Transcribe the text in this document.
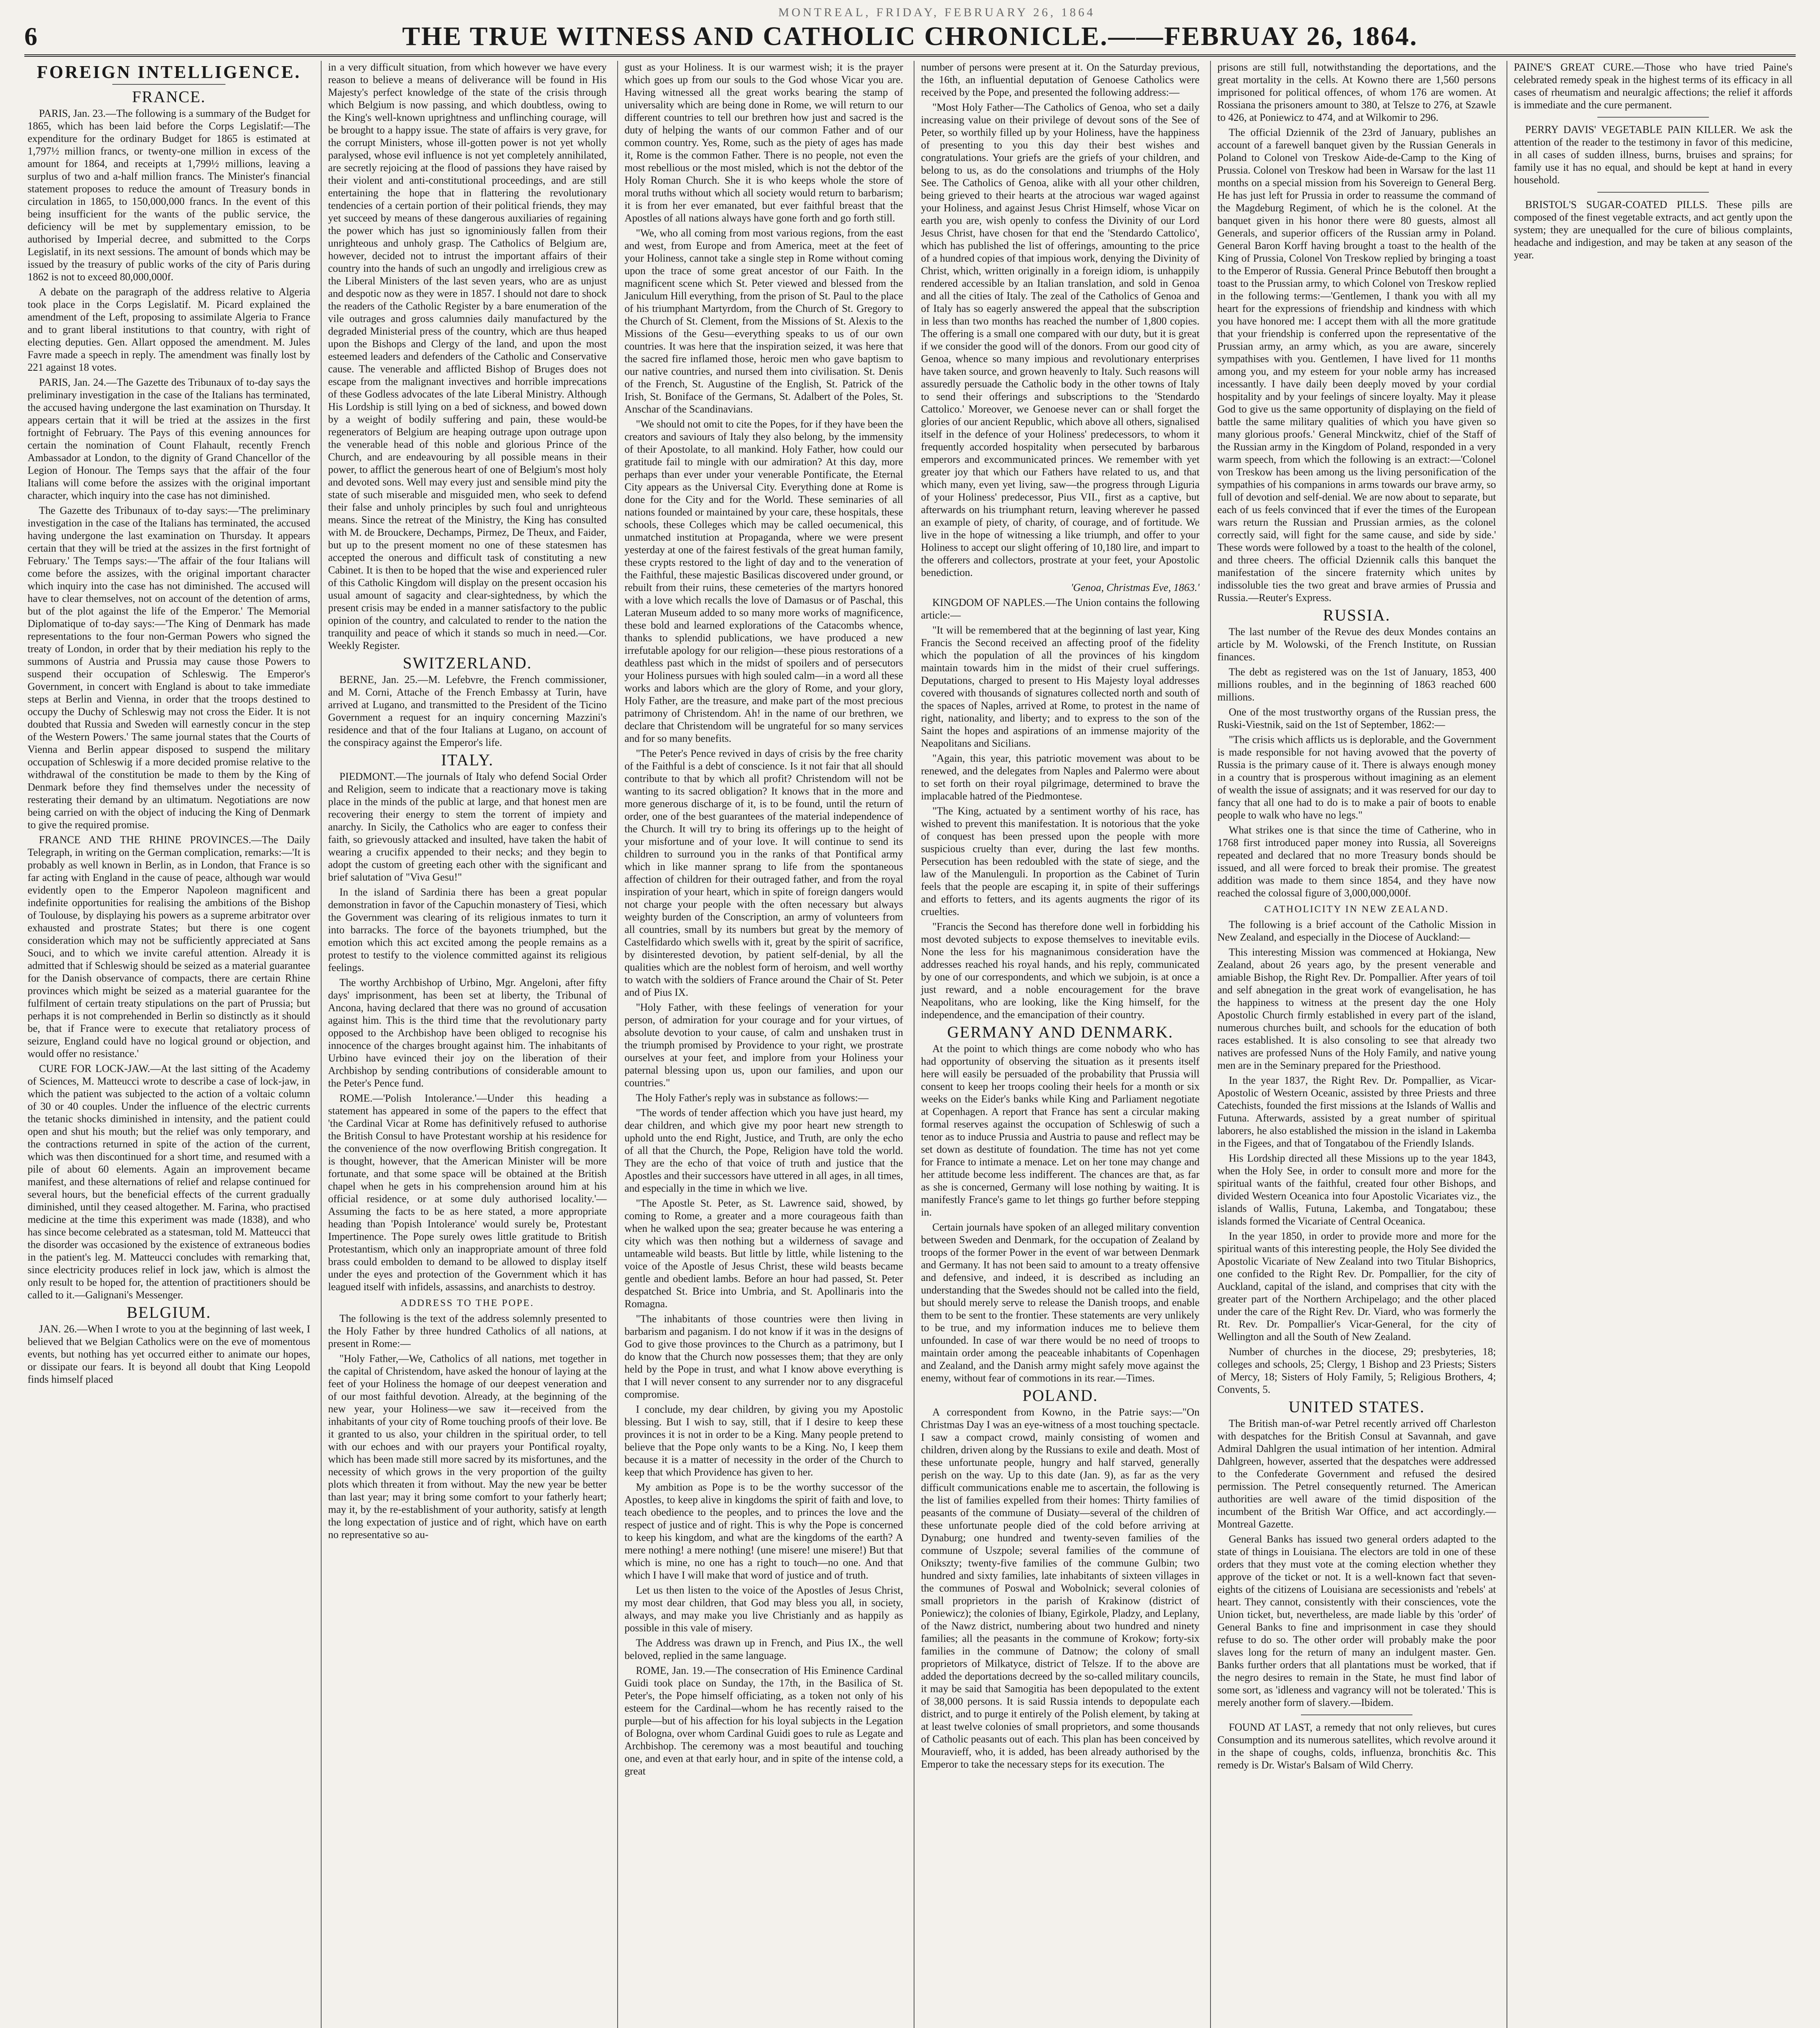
MONTREAL, FRIDAY, FEBRUARY 26, 1864
6	THE TRUE WITNESS AND CATHOLIC CHRONICLE.——FEBRUAY 26, 1864.
FOREIGN INTELLIGENCE.
FRANCE.

PARIS, Jan. 23.—The following is a summary of the Budget for 1865, which has been laid before the Corps Legislatif:—The expenditure for the ordinary Budget for 1865 is estimated at 1,797½ million francs, or twenty-one million in excess of the amount for 1864, and receipts at 1,799½ millions, leaving a surplus of two and a-half million francs. The Minister's financial statement proposes to reduce the amount of Treasury bonds in circulation in 1865, to 150,000,000 francs. In the event of this being insufficient for the wants of the public service, the deficiency will be met by supplementary emission, to be authorised by Imperial decree, and submitted to the Corps Legislatif, in its next sessions. The amount of bonds which may be issued by the treasury of public works of the city of Paris during 1862 is not to exceed 80,000,000f.

A debate on the paragraph of the address relative to Algeria took place in the Corps Legislatif. M. Picard explained the amendment of the Left, proposing to assimilate Algeria to France and to grant liberal institutions to that country, with right of electing deputies. Gen. Allart opposed the amendment. M. Jules Favre made a speech in reply. The amendment was finally lost by 221 against 18 votes.

PARIS, Jan. 24.—The Gazette des Tribunaux of to-day says the preliminary investigation in the case of the Italians has terminated, the accused having undergone the last examination on Thursday. It appears certain that it will be tried at the assizes in the first fortnight of February. The Pays of this evening announces for certain the nomination of Count Flahault, recently French Ambassador at London, to the dignity of Grand Chancellor of the Legion of Honour. The Temps says that the affair of the four Italians will come before the assizes with the original important character, which inquiry into the case has not diminished.

The Gazette des Tribunaux of to-day says:—'The preliminary investigation in the case of the Italians has terminated, the accused having undergone the last examination on Thursday. It appears certain that they will be tried at the assizes in the first fortnight of February.' The Temps says:—'The affair of the four Italians will come before the assizes, with the original important character which inquiry into the case has not diminished. The accused will have to clear themselves, not on account of the detention of arms, but of the plot against the life of the Emperor.' The Memorial Diplomatique of to-day says:—'The King of Denmark has made representations to the four non-German Powers who signed the treaty of London, in order that by their mediation his reply to the summons of Austria and Prussia may cause those Powers to suspend their occupation of Schleswig. The Emperor's Government, in concert with England is about to take immediate steps at Berlin and Vienna, in order that the troops destined to occupy the Duchy of Schleswig may not cross the Eider. It is not doubted that Russia and Sweden will earnestly concur in the step of the Western Powers.' The same journal states that the Courts of Vienna and Berlin appear disposed to suspend the military occupation of Schleswig if a more decided promise relative to the withdrawal of the constitution be made to them by the King of Denmark before they find themselves under the necessity of resterating their demand by an ultimatum. Negotiations are now being carried on with the object of inducing the King of Denmark to give the required promise.

FRANCE AND THE RHINE PROVINCES.—The Daily Telegraph, in writing on the German complication, remarks:—'It is probably as well known in Berlin, as in London, that France is so far acting with England in the cause of peace, although war would evidently open to the Emperor Napoleon magnificent and indefinite opportunities for realising the ambitions of the Bishop of Toulouse, by displaying his powers as a supreme arbitrator over exhausted and prostrate States; but there is one cogent consideration which may not be sufficiently appreciated at Sans Souci, and to which we invite careful attention. Already it is admitted that if Schleswig should be seized as a material guarantee for the Danish observance of compacts, there are certain Rhine provinces which might be seized as a material guarantee for the fulfilment of certain treaty stipulations on the part of Prussia; but perhaps it is not comprehended in Berlin so distinctly as it should be, that if France were to execute that retaliatory process of seizure, England could have no logical ground or objection, and would offer no resistance.'

CURE FOR LOCK-JAW.—At the last sitting of the Academy of Sciences, M. Matteucci wrote to describe a case of lock-jaw, in which the patient was subjected to the action of a voltaic column of 30 or 40 couples. Under the influence of the electric currents the tetanic shocks diminished in intensity, and the patient could open and shut his mouth; but the relief was only temporary, and the contractions returned in spite of the action of the current, which was then discontinued for a short time, and resumed with a pile of about 60 elements. Again an improvement became manifest, and these alternations of relief and relapse continued for several hours, but the beneficial effects of the current gradually diminished, until they ceased altogether. M. Farina, who practised medicine at the time this experiment was made (1838), and who has since become celebrated as a statesman, told M. Matteucci that the disorder was occasioned by the existence of extraneous bodies in the patient's leg. M. Matteucci concludes with remarking that, since electricity produces relief in lock jaw, which is almost the only result to be hoped for, the attention of practitioners should be called to it.—Galignani's Messenger.

BELGIUM.

JAN. 26.—When I wrote to you at the beginning of last week, I believed that we Belgian Catholics were on the eve of momentous events, but nothing has yet occurred either to animate our hopes, or dissipate our fears. It is beyond all doubt that King Leopold finds himself placed

in a very difficult situation, from which however we have every reason to believe a means of deliverance will be found in His Majesty's perfect knowledge of the state of the crisis through which Belgium is now passing, and which doubtless, owing to the King's well-known uprightness and unflinching courage, will be brought to a happy issue. The state of affairs is very grave, for the corrupt Ministers, whose ill-gotten power is not yet wholly paralysed, whose evil influence is not yet completely annihilated, are secretly rejoicing at the flood of passions they have raised by their violent and anti-constitutional proceedings, and are still entertaining the hope that in flattering the revolutionary tendencies of a certain portion of their political friends, they may yet succeed by means of these dangerous auxiliaries of regaining the power which has just so ignominiously fallen from their unrighteous and unholy grasp. The Catholics of Belgium are, however, decided not to intrust the important affairs of their country into the hands of such an ungodly and irreligious crew as the Liberal Ministers of the last seven years, who are as unjust and despotic now as they were in 1857. I should not dare to shock the readers of the Catholic Register by a bare enumeration of the vile outrages and gross calumnies daily manufactured by the degraded Ministerial press of the country, which are thus heaped upon the Bishops and Clergy of the land, and upon the most esteemed leaders and defenders of the Catholic and Conservative cause. The venerable and afflicted Bishop of Bruges does not escape from the malignant invectives and horrible imprecations of these Godless advocates of the late Liberal Ministry. Although His Lordship is still lying on a bed of sickness, and bowed down by a weight of bodily suffering and pain, these would-be regenerators of Belgium are heaping outrage upon outrage upon the venerable head of this noble and glorious Prince of the Church, and are endeavouring by all possible means in their power, to afflict the generous heart of one of Belgium's most holy and devoted sons. Well may every just and sensible mind pity the state of such miserable and misguided men, who seek to defend their false and unholy principles by such foul and unrighteous means. Since the retreat of the Ministry, the King has consulted with M. de Brouckere, Dechamps, Pirmez, De Theux, and Faider, but up to the present moment no one of these statesmen has accepted the onerous and difficult task of constituting a new Cabinet. It is then to be hoped that the wise and experienced ruler of this Catholic Kingdom will display on the present occasion his usual amount of sagacity and clear-sightedness, by which the present crisis may be ended in a manner satisfactory to the public opinion of the country, and calculated to render to the nation the tranquility and peace of which it stands so much in need.—Cor. Weekly Register.

SWITZERLAND.

BERNE, Jan. 25.—M. Lefebvre, the French commissioner, and M. Corni, Attache of the French Embassy at Turin, have arrived at Lugano, and transmitted to the President of the Ticino Government a request for an inquiry concerning Mazzini's residence and that of the four Italians at Lugano, on account of the conspiracy against the Emperor's life.

ITALY.

PIEDMONT.—The journals of Italy who defend Social Order and Religion, seem to indicate that a reactionary move is taking place in the minds of the public at large, and that honest men are recovering their energy to stem the torrent of impiety and anarchy. In Sicily, the Catholics who are eager to confess their faith, so grievously attacked and insulted, have taken the habit of wearing a crucifix appended to their necks; and they begin to adopt the custom of greeting each other with the significant and brief salutation of "Viva Gesu!"

In the island of Sardinia there has been a great popular demonstration in favor of the Capuchin monastery of Tiesi, which the Government was clearing of its religious inmates to turn it into barracks. The force of the bayonets triumphed, but the emotion which this act excited among the people remains as a protest to testify to the violence committed against its religious feelings.

The worthy Archbishop of Urbino, Mgr. Angeloni, after fifty days' imprisonment, has been set at liberty, the Tribunal of Ancona, having declared that there was no ground of accusation against him. This is the third time that the revolutionary party opposed to the Archbishop have been obliged to recognise his innocence of the charges brought against him. The inhabitants of Urbino have evinced their joy on the liberation of their Archbishop by sending contributions of considerable amount to the Peter's Pence fund.

ROME.—'Polish Intolerance.'—Under this heading a statement has appeared in some of the papers to the effect that 'the Cardinal Vicar at Rome has definitively refused to authorise the British Consul to have Protestant worship at his residence for the convenience of the now overflowing British congregation. It is thought, however, that the American Minister will be more fortunate, and that some space will be obtained at the British chapel when he gets in his comprehension around him at his official residence, or at some duly authorised locality.'—Assuming the facts to be as here stated, a more appropriate heading than 'Popish Intolerance' would surely be, Protestant Impertinence. The Pope surely owes little gratitude to British Protestantism, which only an inappropriate amount of three fold brass could embolden to demand to be allowed to display itself under the eyes and protection of the Government which it has leagued itself with infidels, assassins, and anarchists to destroy.

ADDRESS TO THE POPE.

The following is the text of the address solemnly presented to the Holy Father by three hundred Catholics of all nations, at present in Rome:—

"Holy Father,—We, Catholics of all nations, met together in the capital of Christendom, have asked the honour of laying at the feet of your Holiness the homage of our deepest veneration and of our most faithful devotion. Already, at the beginning of the new year, your Holiness—we saw it—received from the inhabitants of your city of Rome touching proofs of their love. Be it granted to us also, your children in the spiritual order, to tell with our echoes and with our prayers your Pontifical royalty, which has been made still more sacred by its misfortunes, and the necessity of which grows in the very proportion of the guilty plots which threaten it from without. May the new year be better than last year; may it bring some comfort to your fatherly heart; may it, by the re-establishment of your authority, satisfy at length the long expectation of justice and of right, which have on earth no representative so au-

gust as your Holiness. It is our warmest wish; it is the prayer which goes up from our souls to the God whose Vicar you are. Having witnessed all the great works bearing the stamp of universality which are being done in Rome, we will return to our different countries to tell our brethren how just and sacred is the duty of helping the wants of our common Father and of our common country. Yes, Rome, such as the piety of ages has made it, Rome is the common Father. There is no people, not even the most rebellious or the most misled, which is not the debtor of the Holy Roman Church. She it is who keeps whole the store of moral truths without which all society would return to barbarism; it is from her ever emanated, but ever faithful breast that the Apostles of all nations always have gone forth and go forth still.

"We, who all coming from most various regions, from the east and west, from Europe and from America, meet at the feet of your Holiness, cannot take a single step in Rome without coming upon the trace of some great ancestor of our Faith. In the magnificent scene which St. Peter viewed and blessed from the Janiculum Hill everything, from the prison of St. Paul to the place of his triumphant Martyrdom, from the Church of St. Gregory to the Church of St. Clement, from the Missions of St. Alexis to the Missions of the Gesu—everything speaks to us of our own countries. It was here that the inspiration seized, it was here that the sacred fire inflamed those, heroic men who gave baptism to our native countries, and nursed them into civilisation. St. Denis of the French, St. Augustine of the English, St. Patrick of the Irish, St. Boniface of the Germans, St. Adalbert of the Poles, St. Anschar of the Scandinavians.

"We should not omit to cite the Popes, for if they have been the creators and saviours of Italy they also belong, by the immensity of their Apostolate, to all mankind. Holy Father, how could our gratitude fail to mingle with our admiration? At this day, more perhaps than ever under your venerable Pontificate, the Eternal City appears as the Universal City. Everything done at Rome is done for the City and for the World. These seminaries of all nations founded or maintained by your care, these hospitals, these schools, these Colleges which may be called oecumenical, this unmatched institution at Propaganda, where we were present yesterday at one of the fairest festivals of the great human family, these crypts restored to the light of day and to the veneration of the Faithful, these majestic Basilicas discovered under ground, or rebuilt from their ruins, these cemeteries of the martyrs honored with a love which recalls the love of Damasus or of Paschal, this Lateran Museum added to so many more works of magnificence, these bold and learned explorations of the Catacombs whence, thanks to splendid publications, we have produced a new irrefutable apology for our religion—these pious restorations of a deathless past which in the midst of spoilers and of persecutors your Holiness pursues with high souled calm—in a word all these works and labors which are the glory of Rome, and your glory, Holy Father, are the treasure, and make part of the most precious patrimony of Christendom. Ah! in the name of our brethren, we declare that Christendom will be ungrateful for so many services and for so many benefits.

"The Peter's Pence revived in days of crisis by the free charity of the Faithful is a debt of conscience. Is it not fair that all should contribute to that by which all profit? Christendom will not be wanting to its sacred obligation? It knows that in the more and more generous discharge of it, is to be found, until the return of order, one of the best guarantees of the material independence of the Church. It will try to bring its offerings up to the height of your misfortune and of your love. It will continue to send its children to surround you in the ranks of that Pontifical army which in like manner sprang to life from the spontaneous affection of children for their outraged father, and from the royal inspiration of your heart, which in spite of foreign dangers would not charge your people with the often necessary but always weighty burden of the Conscription, an army of volunteers from all countries, small by its numbers but great by the memory of Castelfidardo which swells with it, great by the spirit of sacrifice, by disinterested devotion, by patient self-denial, by all the qualities which are the noblest form of heroism, and well worthy to watch with the soldiers of France around the Chair of St. Peter and of Pius IX.

"Holy Father, with these feelings of veneration for your person, of admiration for your courage and for your virtues, of absolute devotion to your cause, of calm and unshaken trust in the triumph promised by Providence to your right, we prostrate ourselves at your feet, and implore from your Holiness your paternal blessing upon us, upon our families, and upon our countries."

The Holy Father's reply was in substance as follows:—

"The words of tender affection which you have just heard, my dear children, and which give my poor heart new strength to uphold unto the end Right, Justice, and Truth, are only the echo of all that the Church, the Pope, Religion have told the world. They are the echo of that voice of truth and justice that the Apostles and their successors have uttered in all ages, in all times, and especially in the time in which we live.

"The Apostle St. Peter, as St. Lawrence said, showed, by coming to Rome, a greater and a more courageous faith than when he walked upon the sea; greater because he was entering a city which was then nothing but a wilderness of savage and untameable wild beasts. But little by little, while listening to the voice of the Apostle of Jesus Christ, these wild beasts became gentle and obedient lambs. Before an hour had passed, St. Peter despatched St. Brice into Umbria, and St. Apollinaris into the Romagna.

"The inhabitants of those countries were then living in barbarism and paganism. I do not know if it was in the designs of God to give those provinces to the Church as a patrimony, but I do know that the Church now possesses them; that they are only held by the Pope in trust, and what I know above everything is that I will never consent to any surrender nor to any disgraceful compromise.

I conclude, my dear children, by giving you my Apostolic blessing. But I wish to say, still, that if I desire to keep these provinces it is not in order to be a King. Many people pretend to believe that the Pope only wants to be a King. No, I keep them because it is a matter of necessity in the order of the Church to keep that which Providence has given to her.

My ambition as Pope is to be the worthy successor of the Apostles, to keep alive in kingdoms the spirit of faith and love, to teach obedience to the peoples, and to princes the love and the respect of justice and of right. This is why the Pope is concerned to keep his kingdom, and what are the kingdoms of the earth? A mere nothing! a mere nothing! (une misere! une misere!) But that which is mine, no one has a right to touch—no one. And that which I have I will make that word of justice and of truth.

Let us then listen to the voice of the Apostles of Jesus Christ, my most dear children, that God may bless you all, in society, always, and may make you live Christianly and as happily as possible in this vale of misery.

The Address was drawn up in French, and Pius IX., the well beloved, replied in the same language.

ROME, Jan. 19.—The consecration of His Eminence Cardinal Guidi took place on Sunday, the 17th, in the Basilica of St. Peter's, the Pope himself officiating, as a token not only of his esteem for the Cardinal—whom he has recently raised to the purple—but of his affection for his loyal subjects in the Legation of Bologna, over whom Cardinal Guidi goes to rule as Legate and Archbishop. The ceremony was a most beautiful and touching one, and even at that early hour, and in spite of the intense cold, a great

number of persons were present at it. On the Saturday previous, the 16th, an influential deputation of Genoese Catholics were received by the Pope, and presented the following address:—

"Most Holy Father—The Catholics of Genoa, who set a daily increasing value on their privilege of devout sons of the See of Peter, so worthily filled up by your Holiness, have the happiness of presenting to you this day their best wishes and congratulations. Your griefs are the griefs of your children, and belong to us, as do the consolations and triumphs of the Holy See. The Catholics of Genoa, alike with all your other children, being grieved to their hearts at the atrocious war waged against your Holiness, and against Jesus Christ Himself, whose Vicar on earth you are, wish openly to confess the Divinity of our Lord Jesus Christ, have chosen for that end the 'Stendardo Cattolico', which has published the list of offerings, amounting to the price of a hundred copies of that impious work, denying the Divinity of Christ, which, written originally in a foreign idiom, is unhappily rendered accessible by an Italian translation, and sold in Genoa and all the cities of Italy. The zeal of the Catholics of Genoa and of Italy has so eagerly answered the appeal that the subscription in less than two months has reached the number of 1,800 copies. The offering is a small one compared with our duty, but it is great if we consider the good will of the donors. From our good city of Genoa, whence so many impious and revolutionary enterprises have taken source, and grown heavenly to Italy. Such reasons will assuredly persuade the Catholic body in the other towns of Italy to send their offerings and subscriptions to the 'Stendardo Cattolico.' Moreover, we Genoese never can or shall forget the glories of our ancient Republic, which above all others, signalised itself in the defence of your Holiness' predecessors, to whom it frequently accorded hospitality when persecuted by barbarous emperors and excommunicated princes. We remember with yet greater joy that which our Fathers have related to us, and that which many, even yet living, saw—the progress through Liguria of your Holiness' predecessor, Pius VII., first as a captive, but afterwards on his triumphant return, leaving wherever he passed an example of piety, of charity, of courage, and of fortitude. We live in the hope of witnessing a like triumph, and offer to your Holiness to accept our slight offering of 10,180 lire, and impart to the offerers and collectors, prostrate at your feet, your Apostolic benediction.

'Genoa, Christmas Eve, 1863.'

KINGDOM OF NAPLES.—The Union contains the following article:—

"It will be remembered that at the beginning of last year, King Francis the Second received an affecting proof of the fidelity which the population of all the provinces of his kingdom maintain towards him in the midst of their cruel sufferings. Deputations, charged to present to His Majesty loyal addresses covered with thousands of signatures collected north and south of the spaces of Naples, arrived at Rome, to protest in the name of right, nationality, and liberty; and to express to the son of the Saint the hopes and aspirations of an immense majority of the Neapolitans and Sicilians.

"Again, this year, this patriotic movement was about to be renewed, and the delegates from Naples and Palermo were about to set forth on their royal pilgrimage, determined to brave the implacable hatred of the Piedmontese.

"The King, actuated by a sentiment worthy of his race, has wished to prevent this manifestation. It is notorious that the yoke of conquest has been pressed upon the people with more suspicious cruelty than ever, during the last few months. Persecution has been redoubled with the state of siege, and the law of the Manulenguli. In proportion as the Cabinet of Turin feels that the people are escaping it, in spite of their sufferings and efforts to fetters, and its agents augments the rigor of its cruelties.

"Francis the Second has therefore done well in forbidding his most devoted subjects to expose themselves to inevitable evils. None the less for his magnanimous consideration have the addresses reached his royal hands, and his reply, communicated by one of our correspondents, and which we subjoin, is at once a just reward, and a noble encouragement for the brave Neapolitans, who are looking, like the King himself, for the independence, and the emancipation of their country.

GERMANY AND DENMARK.

At the point to which things are come nobody who who has had opportunity of observing the situation as it presents itself here will easily be persuaded of the probability that Prussia will consent to keep her troops cooling their heels for a month or six weeks on the Eider's banks while King and Parliament negotiate at Copenhagen. A report that France has sent a circular making formal reserves against the occupation of Schleswig of such a tenor as to induce Prussia and Austria to pause and reflect may be set down as destitute of foundation. The time has not yet come for France to intimate a menace. Let on her tone may change and her attitude become less indifferent. The chances are that, as far as she is concerned, Germany will lose nothing by waiting. It is manifestly France's game to let things go further before stepping in.

Certain journals have spoken of an alleged military convention between Sweden and Denmark, for the occupation of Zealand by troops of the former Power in the event of war between Denmark and Germany. It has not been said to amount to a treaty offensive and defensive, and indeed, it is described as including an understanding that the Swedes should not be called into the field, but should merely serve to release the Danish troops, and enable them to be sent to the frontier. These statements are very unlikely to be true, and my information induces me to believe them unfounded. In case of war there would be no need of troops to maintain order among the peaceable inhabitants of Copenhagen and Zealand, and the Danish army might safely move against the enemy, without fear of commotions in its rear.—Times.

POLAND.

A correspondent from Kowno, in the Patrie says:—"On Christmas Day I was an eye-witness of a most touching spectacle. I saw a compact crowd, mainly consisting of women and children, driven along by the Russians to exile and death. Most of these unfortunate people, hungry and half starved, generally perish on the way. Up to this date (Jan. 9), as far as the very difficult communications enable me to ascertain, the following is the list of families expelled from their homes: Thirty families of peasants of the commune of Dusiaty—several of the children of these unfortunate people died of the cold before arriving at Dynaburg; one hundred and twenty-seven families of the commune of Uszpole; several families of the commune of Onikszty; twenty-five families of the commune Gulbin; two hundred and sixty families, late inhabitants of sixteen villages in the communes of Poswal and Wobolnick; several colonies of small proprietors in the parish of Krakinow (district of Poniewicz); the colonies of Ibiany, Egirkole, Pladzy, and Leplany, of the Nawz district, numbering about two hundred and ninety families; all the peasants in the commune of Krokow; forty-six families in the commune of Datnow; the colony of small proprietors of Milkatyce, district of Telsze. If to the above are added the deportations decreed by the so-called military councils, it may be said that Samogitia has been depopulated to the extent of 38,000 persons. It is said Russia intends to depopulate each district, and to purge it entirely of the Polish element, by taking at at least twelve colonies of small proprietors, and some thousands of Catholic peasants out of each. This plan has been conceived by Mouravieff, who, it is added, has been already authorised by the Emperor to take the necessary steps for its execution. The

prisons are still full, notwithstanding the deportations, and the great mortality in the cells. At Kowno there are 1,560 persons imprisoned for political offences, of whom 176 are women. At Rossiana the prisoners amount to 380, at Telsze to 276, at Szawle to 426, at Poniewicz to 474, and at Wilkomir to 296.

The official Dziennik of the 23rd of January, publishes an account of a farewell banquet given by the Russian Generals in Poland to Colonel von Treskow Aide-de-Camp to the King of Prussia. Colonel von Treskow had been in Warsaw for the last 11 months on a special mission from his Sovereign to General Berg. He has just left for Prussia in order to reassume the command of the Magdeburg Regiment, of which he is the colonel. At the banquet given in his honor there were 80 guests, almost all Generals, and superior officers of the Russian army in Poland. General Baron Korff having brought a toast to the health of the King of Prussia, Colonel Von Treskow replied by bringing a toast to the Emperor of Russia. General Prince Bebutoff then brought a toast to the Prussian army, to which Colonel von Treskow replied in the following terms:—'Gentlemen, I thank you with all my heart for the expressions of friendship and kindness with which you have honored me: I accept them with all the more gratitude that your friendship is conferred upon the representative of the Prussian army, an army which, as you are aware, sincerely sympathises with you. Gentlemen, I have lived for 11 months among you, and my esteem for your noble army has increased incessantly. I have daily been deeply moved by your cordial hospitality and by your feelings of sincere loyalty. May it please God to give us the same opportunity of displaying on the field of battle the same military qualities of which you have given so many glorious proofs.' General Minckwitz, chief of the Staff of the Russian army in the Kingdom of Poland, responded in a very warm speech, from which the following is an extract:—'Colonel von Treskow has been among us the living personification of the sympathies of his companions in arms towards our brave army, so full of devotion and self-denial. We are now about to separate, but each of us feels convinced that if ever the times of the European wars return the Russian and Prussian armies, as the colonel correctly said, will fight for the same cause, and side by side.' These words were followed by a toast to the health of the colonel, and three cheers. The official Dziennik calls this banquet the manifestation of the sincere fraternity which unites by indissoluble ties the two great and brave armies of Prussia and Russia.—Reuter's Express.

RUSSIA.

The last number of the Revue des deux Mondes contains an article by M. Wolowski, of the French Institute, on Russian finances.

The debt as registered was on the 1st of January, 1853, 400 millions roubles, and in the beginning of 1863 reached 600 millions.

One of the most trustworthy organs of the Russian press, the Ruski-Viestnik, said on the 1st of September, 1862:—

"The crisis which afflicts us is deplorable, and the Government is made responsible for not having avowed that the poverty of Russia is the primary cause of it. There is always enough money in a country that is prosperous without imagining as an element of wealth the issue of assignats; and it was reserved for our day to fancy that all one had to do is to make a pair of boots to enable people to walk who have no legs."

What strikes one is that since the time of Catherine, who in 1768 first introduced paper money into Russia, all Sovereigns repeated and declared that no more Treasury bonds should be issued, and all were forced to break their promise. The greatest addition was made to them since 1854, and they have now reached the colossal figure of 3,000,000,000f.

CATHOLICITY IN NEW ZEALAND.

The following is a brief account of the Catholic Mission in New Zealand, and especially in the Diocese of Auckland:—

This interesting Mission was commenced at Hokianga, New Zealand, about 26 years ago, by the present venerable and amiable Bishop, the Right Rev. Dr. Pompallier. After years of toil and self abnegation in the great work of evangelisation, he has the happiness to witness at the present day the one Holy Apostolic Church firmly established in every part of the island, numerous churches built, and schools for the education of both races established. It is also consoling to see that already two natives are professed Nuns of the Holy Family, and native young men are in the Seminary prepared for the Priesthood.

In the year 1837, the Right Rev. Dr. Pompallier, as Vicar-Apostolic of Western Oceanic, assisted by three Priests and three Catechists, founded the first missions at the Islands of Wallis and Futuna. Afterwards, assisted by a great number of spiritual laborers, he also established the mission in the island in Lakemba in the Figees, and that of Tongatabou of the Friendly Islands.

His Lordship directed all these Missions up to the year 1843, when the Holy See, in order to consult more and more for the spiritual wants of the faithful, created four other Bishops, and divided Western Oceanica into four Apostolic Vicariates viz., the islands of Wallis, Futuna, Lakemba, and Tongatabou; these islands formed the Vicariate of Central Oceanica.

In the year 1850, in order to provide more and more for the spiritual wants of this interesting people, the Holy See divided the Apostolic Vicariate of New Zealand into two Titular Bishoprics, one confided to the Right Rev. Dr. Pompallier, for the city of Auckland, capital of the island, and comprises that city with the greater part of the Northern Archipelago; and the other placed under the care of the Right Rev. Dr. Viard, who was formerly the Rt. Rev. Dr. Pompallier's Vicar-General, for the city of Wellington and all the South of New Zealand.

Number of churches in the diocese, 29; presbyteries, 18; colleges and schools, 25; Clergy, 1 Bishop and 23 Priests; Sisters of Mercy, 18; Sisters of Holy Family, 5; Religious Brothers, 4; Convents, 5.

UNITED STATES.

The British man-of-war Petrel recently arrived off Charleston with despatches for the British Consul at Savannah, and gave Admiral Dahlgren the usual intimation of her intention. Admiral Dahlgreen, however, asserted that the despatches were addressed to the Confederate Government and refused the desired permission. The Petrel consequently returned. The American authorities are well aware of the timid disposition of the incumbent of the British War Office, and act accordingly.—Montreal Gazette.

General Banks has issued two general orders adapted to the state of things in Louisiana. The electors are told in one of these orders that they must vote at the coming election whether they approve of the ticket or not. It is a well-known fact that seven-eights of the citizens of Louisiana are secessionists and 'rebels' at heart. They cannot, consistently with their consciences, vote the Union ticket, but, nevertheless, are made liable by this 'order' of General Banks to fine and imprisonment in case they should refuse to do so. The other order will probably make the poor slaves long for the return of many an indulgent master. Gen. Banks further orders that all plantations must be worked, that if the negro desires to remain in the State, he must find labor of some sort, as 'idleness and vagrancy will not be tolerated.' This is merely another form of slavery.—Ibidem.

FOUND AT LAST, a remedy that not only relieves, but cures Consumption and its numerous satellites, which revolve around it in the shape of coughs, colds, influenza, bronchitis &c. This remedy is Dr. Wistar's Balsam of Wild Cherry.

PAINE'S GREAT CURE.—Those who have tried Paine's celebrated remedy speak in the highest terms of its efficacy in all cases of rheumatism and neuralgic affections; the relief it affords is immediate and the cure permanent.

PERRY DAVIS' VEGETABLE PAIN KILLER. We ask the attention of the reader to the testimony in favor of this medicine, in all cases of sudden illness, burns, bruises and sprains; for family use it has no equal, and should be kept at hand in every household.

BRISTOL'S SUGAR-COATED PILLS. These pills are composed of the finest vegetable extracts, and act gently upon the system; they are unequalled for the cure of bilious complaints, headache and indigestion, and may be taken at any season of the year.
